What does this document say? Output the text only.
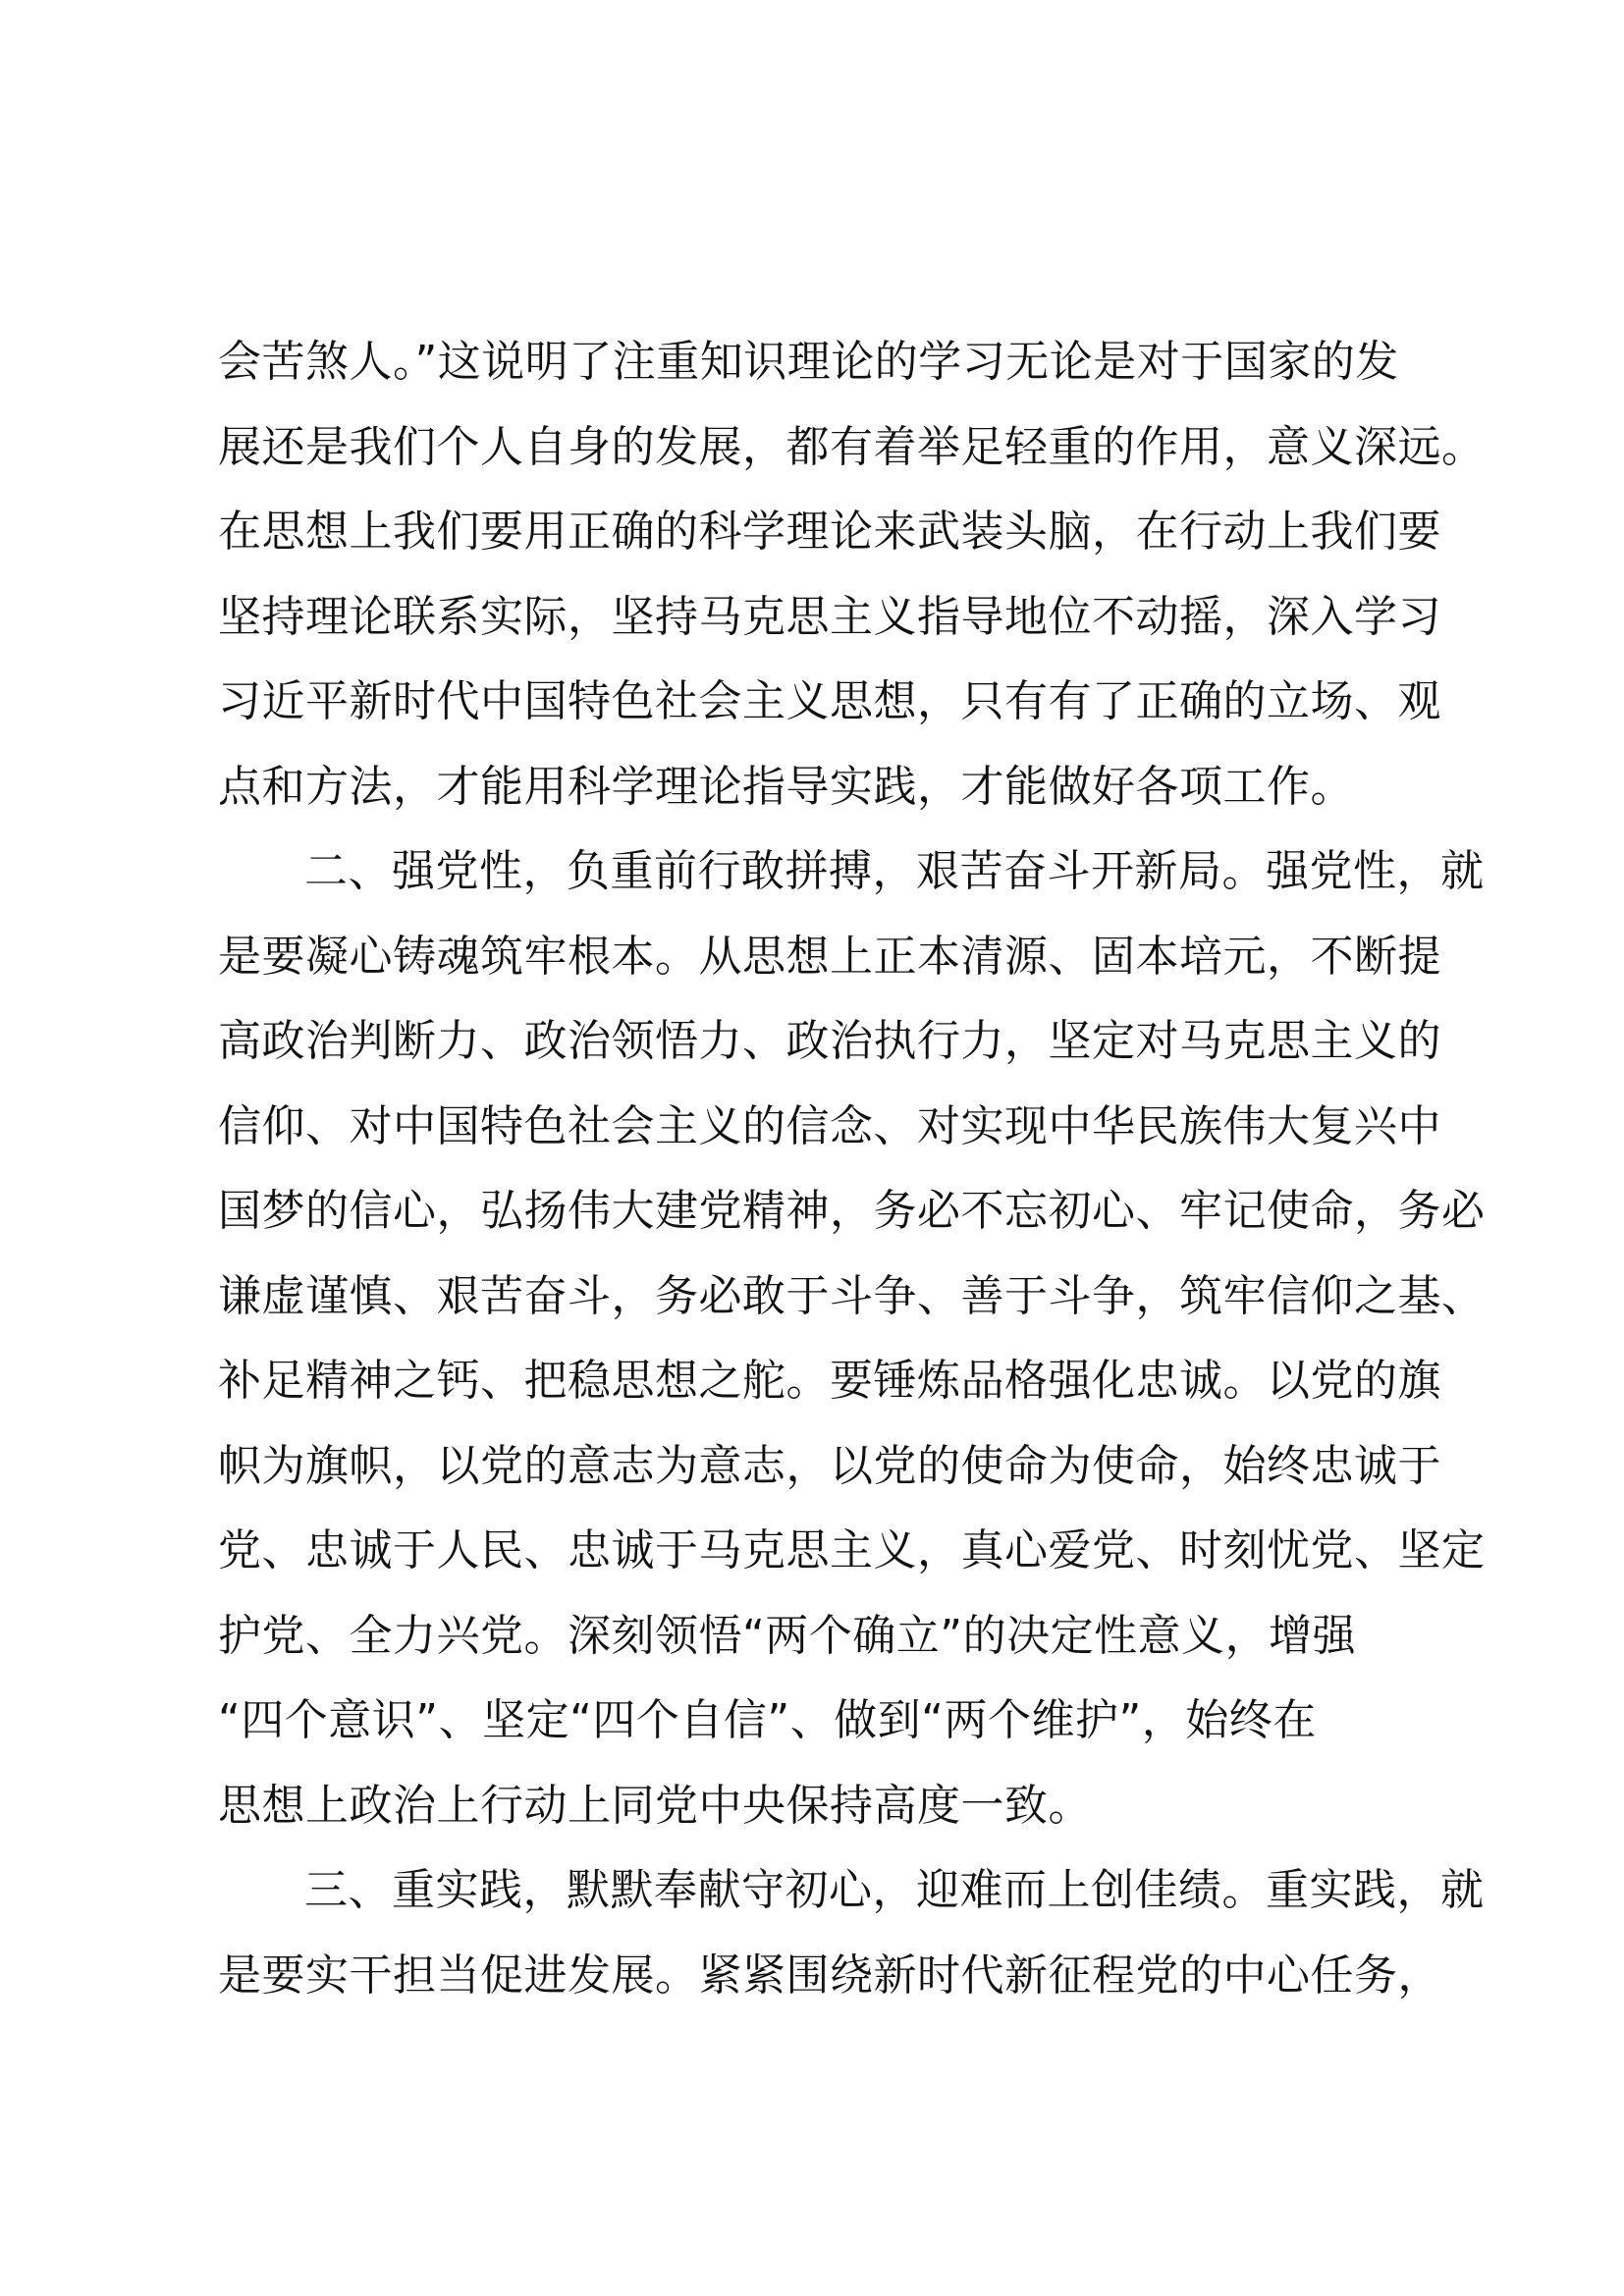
会苦煞人。”这说明了注重知识理论的学习无论是对于国家的发
展还是我们个人自身的发展，都有着举足轻重的作用，意义深远。
在思想上我们要用正确的科学理论来武装头脑，在行动上我们要
坚持理论联系实际，坚持马克思主义指导地位不动摇，深入学习
习近平新时代中国特色社会主义思想，只有有了正确的立场、观
点和方法，才能用科学理论指导实践，才能做好各项工作。
二、强党性，负重前行敢拼搏，艰苦奋斗开新局。强党性，就
是要凝心铸魂筑牢根本。从思想上正本清源、固本培元，不断提
高政治判断力、政治领悟力、政治执行力，坚定对马克思主义的
信仰、对中国特色社会主义的信念、对实现中华民族伟大复兴中
国梦的信心，弘扬伟大建党精神，务必不忘初心、牢记使命，务必
谦虚谨慎、艰苦奋斗，务必敢于斗争、善于斗争，筑牢信仰之基、
补足精神之钙、把稳思想之舵。要锤炼品格强化忠诚。以党的旗
帜为旗帜，以党的意志为意志，以党的使命为使命，始终忠诚于
党、忠诚于人民、忠诚于马克思主义，真心爱党、时刻忧党、坚定
护党、全力兴党。深刻领悟“两个确立”的决定性意义，增强
“四个意识”、坚定“四个自信”、做到“两个维护”，始终在
思想上政治上行动上同党中央保持高度一致。
三、重实践，默默奉献守初心，迎难而上创佳绩。重实践，就
是要实干担当促进发展。紧紧围绕新时代新征程党的中心任务，
